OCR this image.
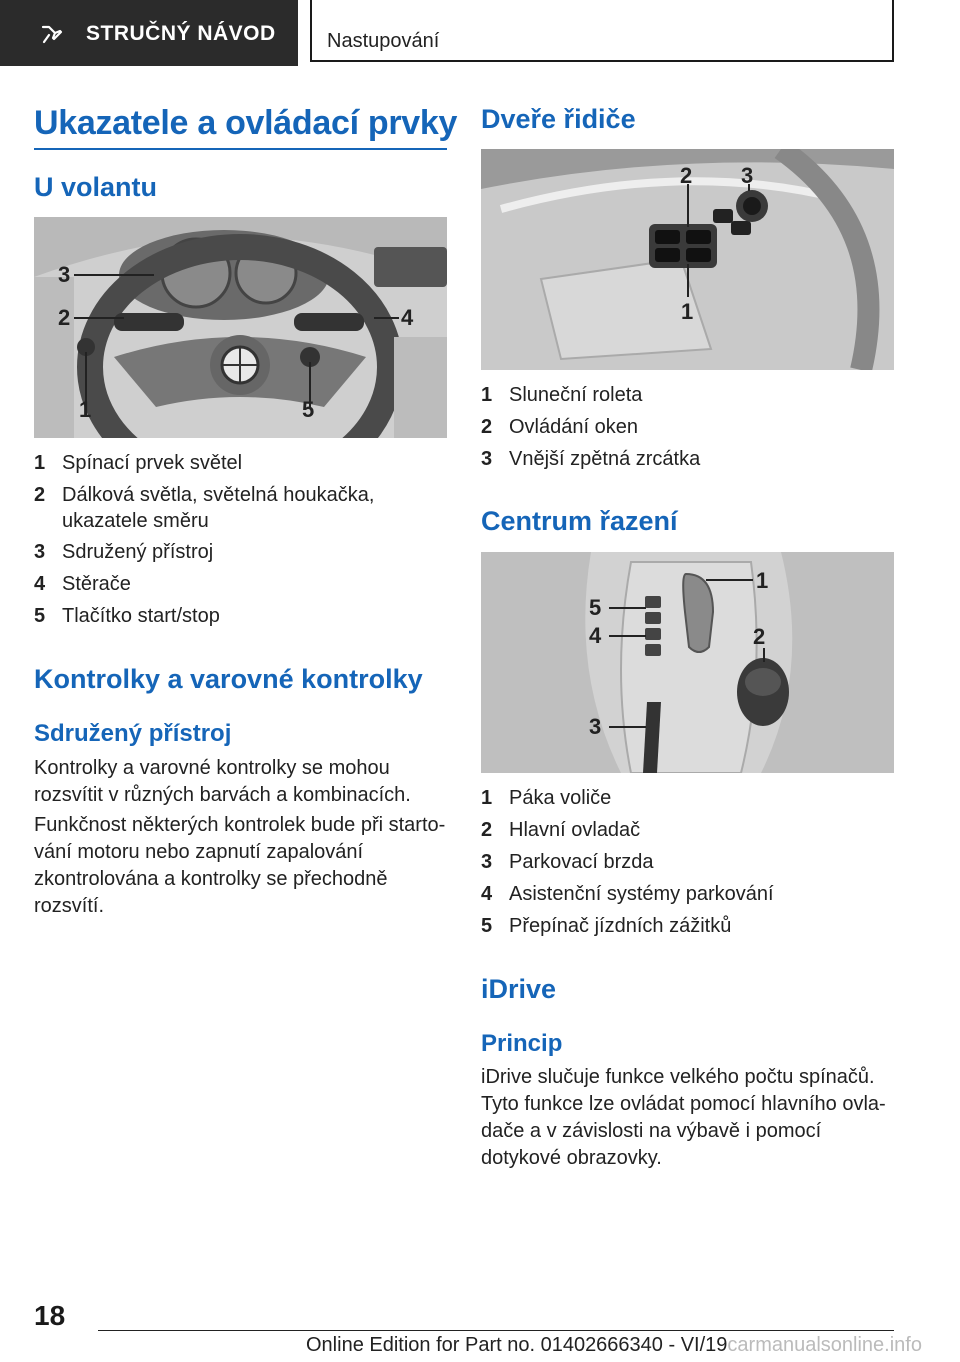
STRUČNÝ NÁVOD	Nastupování
Ukazatele a ovládací prvky
U volantu
3
2
1
4
5
1 Spínací prvek světel
2 Dálková světla, světelná houkačka, ukazatele směru
3 Sdružený přístroj
4 Stěrače
5 Tlačítko start/stop
Kontrolky a varovné kontrolky
Sdružený přístroj
Kontrolky a varovné kontrolky se mohou rozsvítit v různých barvách a kombinacích.
Funkčnost některých kontrolek bude při startování motoru nebo zapnutí zapalování zkontrolována a kontrolky se přechodně rozsvítí.
Dveře řidiče
2 3
1
1 Sluneční roleta
2 Ovládání oken
3 Vnější zpětná zrcátka
Centrum řazení
1
2
3
4
5
1 Páka voliče
2 Hlavní ovladač
3 Parkovací brzda
4 Asistenční systémy parkování
5 Přepínač jízdních zážitků
iDrive
Princip
iDrive slučuje funkce velkého počtu spínačů. Tyto funkce lze ovládat pomocí hlavního ovladače a v závislosti na výbavě i pomocí dotykové obrazovky.
18
Online Edition for Part no. 01402666340 - VI/19carmanualsonline.info
